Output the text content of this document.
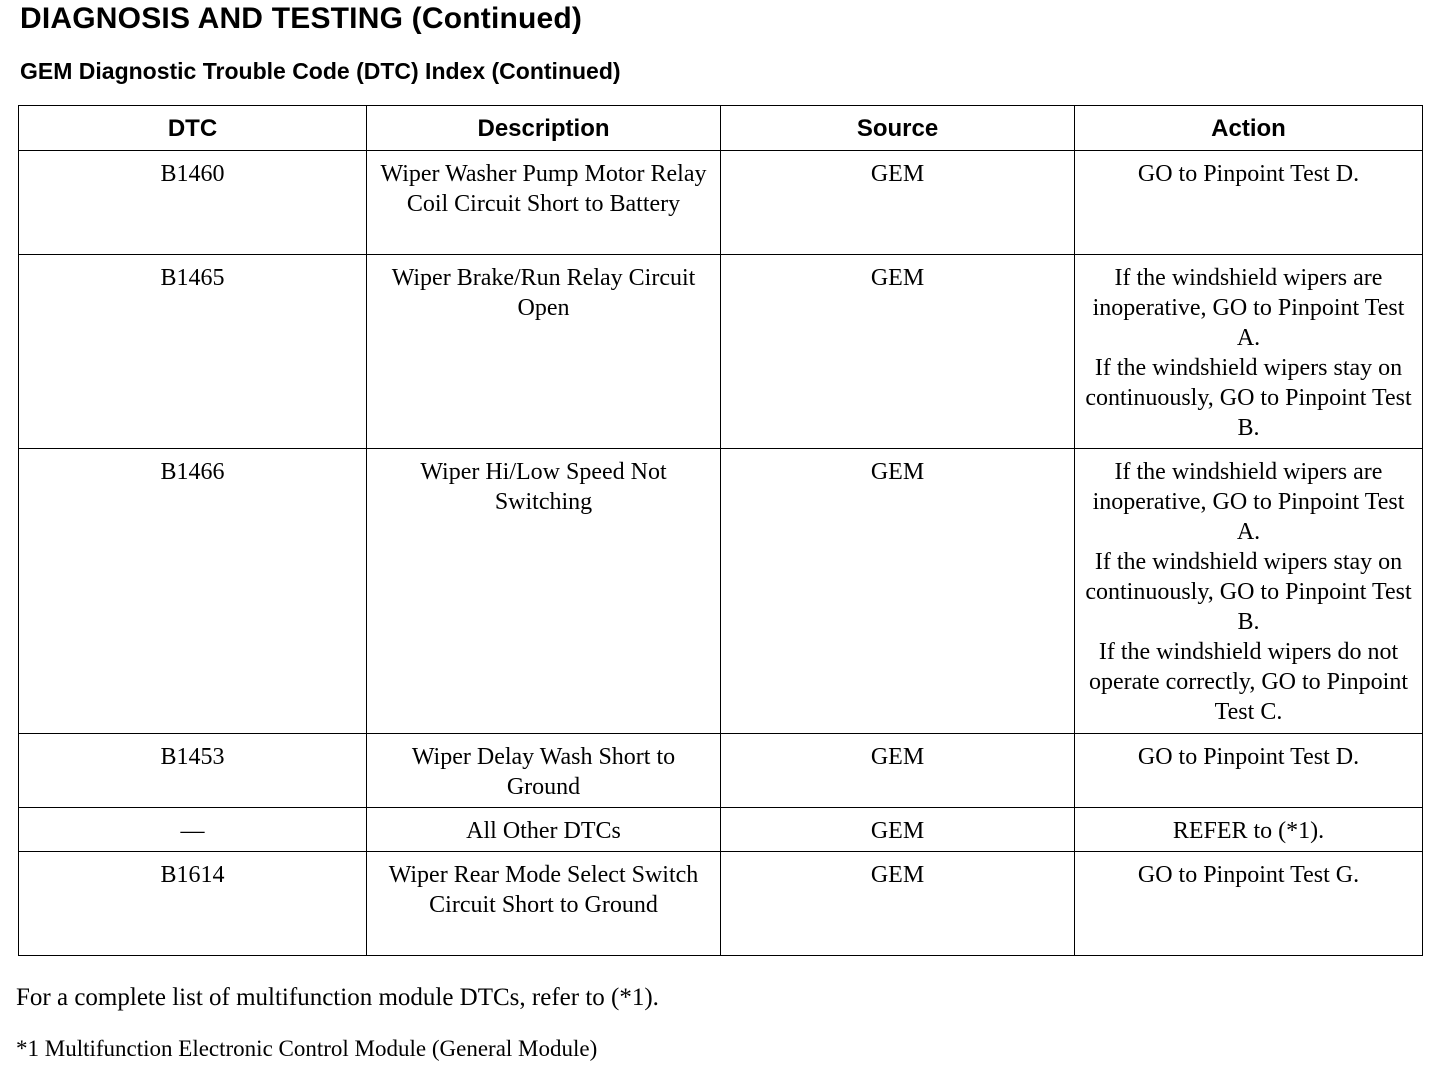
DIAGNOSIS AND TESTING (Continued)
GEM Diagnostic Trouble Code (DTC) Index (Continued)
DTC	Description	Source	Action
B1460	Wiper Washer Pump Motor Relay Coil Circuit Short to Battery	GEM	GO to Pinpoint Test D.

B1465	Wiper Brake/Run Relay Circuit Open	GEM	If the windshield wipers are inoperative, GO to Pinpoint Test A.
If the windshield wipers stay on continuously, GO to Pinpoint Test B.

B1466	Wiper Hi/Low Speed Not Switching	GEM	If the windshield wipers are inoperative, GO to Pinpoint Test A.
If the windshield wipers stay on continuously, GO to Pinpoint Test B.
If the windshield wipers do not operate correctly, GO to Pinpoint Test C.

B1453	Wiper Delay Wash Short to Ground	GEM	GO to Pinpoint Test D.

—	All Other DTCs	GEM	REFER to (*1).

B1614	Wiper Rear Mode Select Switch Circuit Short to Ground	GEM	GO to Pinpoint Test G.

For a complete list of multifunction module DTCs, refer to (*1).

*1 Multifunction Electronic Control Module (General Module)
